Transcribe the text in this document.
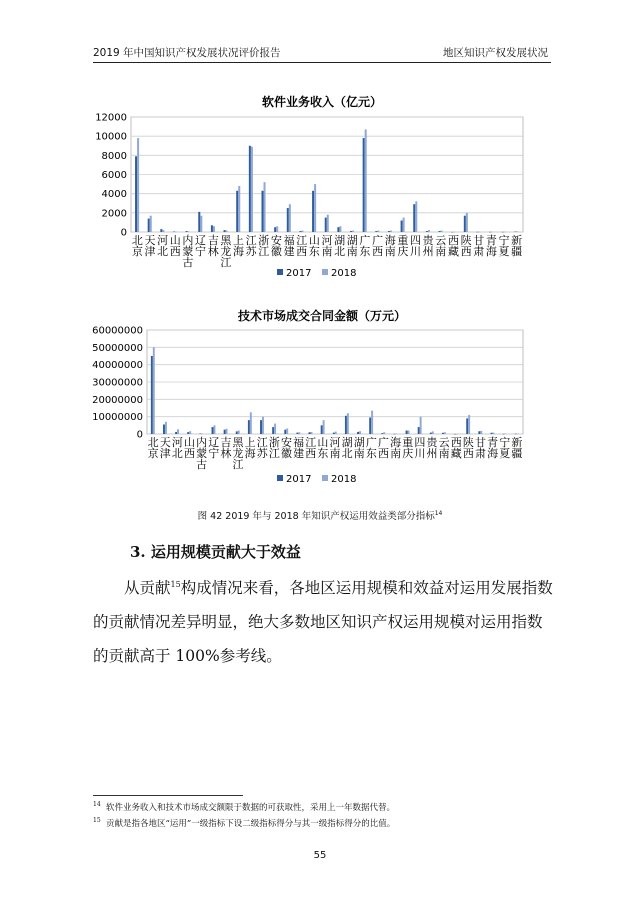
2019 年中国知识产权发展状况评价报告	地区知识产权发展状况
软件业务收入（亿元）
0
2000
4000
6000
8000
10000
12000
北京
天津
河北
山西
内蒙古
辽宁
吉林
黑龙江
上海
江苏
浙江
安徽
福建
江西
山东
河南
湖北
湖南
广东
广西
海南
重庆
四川
贵州
云南
西藏
陕西
甘肃
青海
宁夏
新疆
2017 2018
技术市场成交合同金额（万元）
0
10000000
20000000
30000000
40000000
50000000
60000000
北京
天津
河北
山西
内蒙古
辽宁
吉林
黑龙江
上海
江苏
浙江
安徽
福建
江西
山东
河南
湖北
湖南
广东
广西
海南
重庆
四川
贵州
云南
西藏
陕西
甘肃
青海
宁夏
新疆
2017 2018
图 42 2019 年与 2018 年知识产权运用效益类部分指标$^{14}$
3. 运用规模贡献大于效益
从贡献$^{15}$构成情况来看，各地区运用规模和效益对运用发展指数的贡献情况差异明显，绝大多数地区知识产权运用规模对运用指数的贡献高于 100%参考线。
$^{14}$ 软件业务收入和技术市场成交额限于数据的可获取性，采用上一年数据代替。
$^{15}$ 贡献是指各地区“运用”一级指标下设二级指标得分与其一级指标得分的比值。
55
